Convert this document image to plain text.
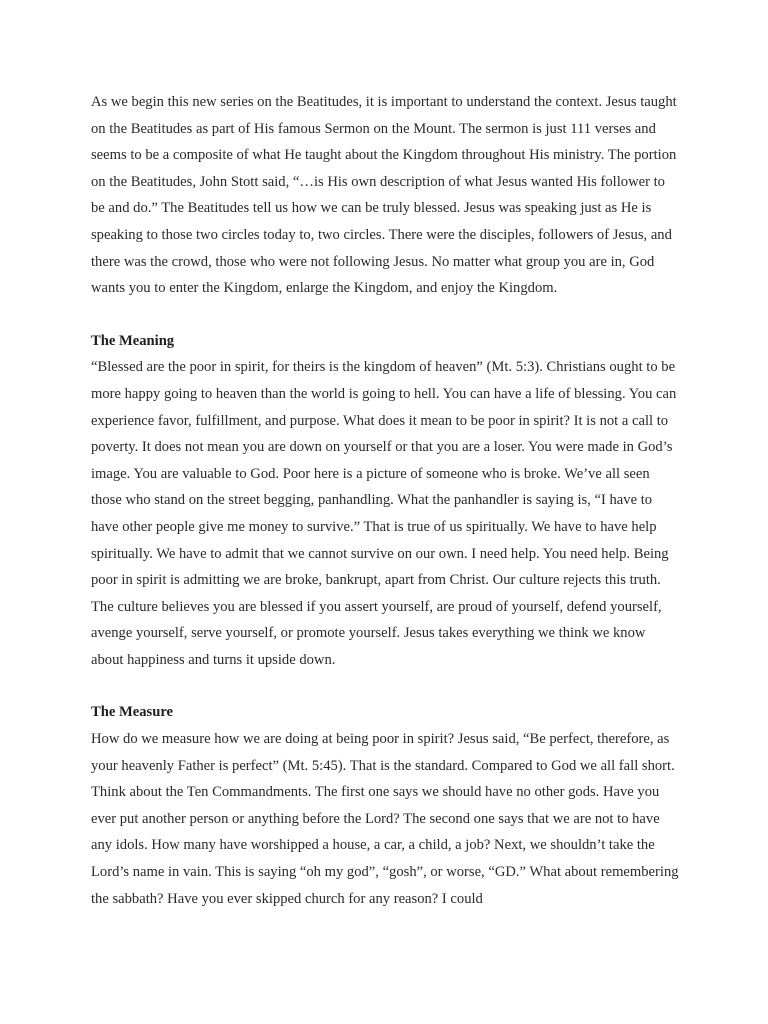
As we begin this new series on the Beatitudes, it is important to understand the context. Jesus taught on the Beatitudes as part of His famous Sermon on the Mount. The sermon is just 111 verses and seems to be a composite of what He taught about the Kingdom throughout His ministry. The portion on the Beatitudes, John Stott said, “…is His own description of what Jesus wanted His follower to be and do.” The Beatitudes tell us how we can be truly blessed. Jesus was speaking just as He is speaking to those two circles today to, two circles. There were the disciples, followers of Jesus, and there was the crowd, those who were not following Jesus. No matter what group you are in, God wants you to enter the Kingdom, enlarge the Kingdom, and enjoy the Kingdom.

The Meaning

“Blessed are the poor in spirit, for theirs is the kingdom of heaven” (Mt. 5:3). Christians ought to be more happy going to heaven than the world is going to hell. You can have a life of blessing. You can experience favor, fulfillment, and purpose. What does it mean to be poor in spirit? It is not a call to poverty. It does not mean you are down on yourself or that you are a loser. You were made in God’s image. You are valuable to God. Poor here is a picture of someone who is broke. We’ve all seen those who stand on the street begging, panhandling. What the panhandler is saying is, “I have to have other people give me money to survive.” That is true of us spiritually. We have to have help spiritually. We have to admit that we cannot survive on our own. I need help. You need help. Being poor in spirit is admitting we are broke, bankrupt, apart from Christ. Our culture rejects this truth. The culture believes you are blessed if you assert yourself, are proud of yourself, defend yourself, avenge yourself, serve yourself, or promote yourself. Jesus takes everything we think we know about happiness and turns it upside down.

The Measure

How do we measure how we are doing at being poor in spirit? Jesus said, “Be perfect, therefore, as your heavenly Father is perfect” (Mt. 5:45). That is the standard. Compared to God we all fall short. Think about the Ten Commandments. The first one says we should have no other gods. Have you ever put another person or anything before the Lord? The second one says that we are not to have any idols. How many have worshipped a house, a car, a child, a job? Next, we shouldn’t take the Lord’s name in vain. This is saying “oh my god”, “gosh”, or worse, “GD.” What about remembering the sabbath? Have you ever skipped church for any reason? I could
